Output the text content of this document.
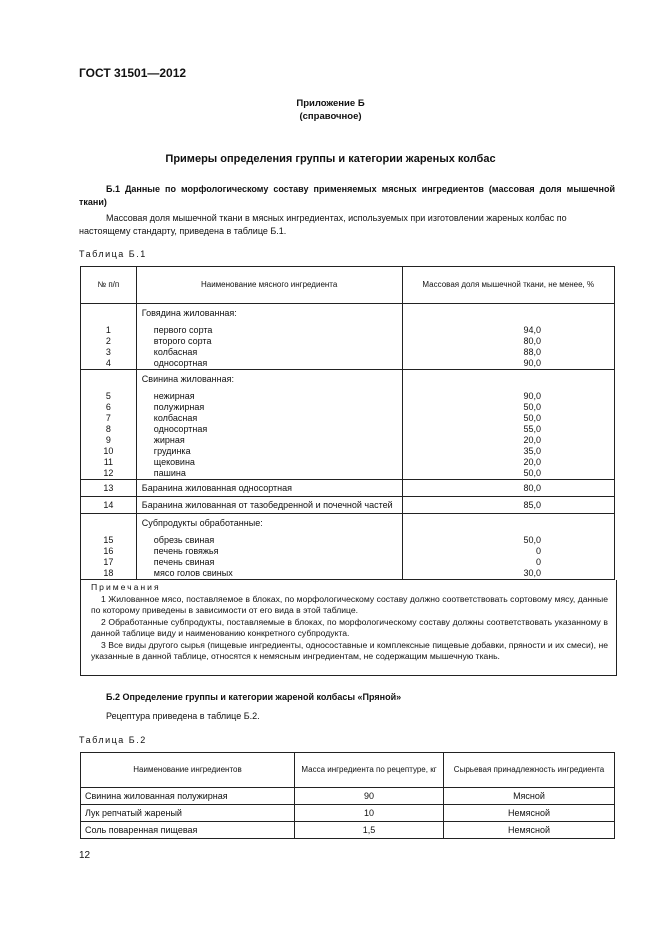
ГОСТ 31501—2012
Приложение Б
(справочное)
Примеры определения группы и категории жареных колбас
Б.1 Данные по морфологическому составу применяемых мясных ингредиентов (массовая доля мышечной ткани)
Массовая доля мышечной ткани в мясных ингредиентах, используемых при изготовлении жареных колбас по настоящему стандарту, приведена в таблице Б.1.
Таблица Б.1
№ п/п	Наименование мясного ингредиента	Массовая доля мышечной ткани, не менее, %
	Говядина жилованная:	

1	первого сорта	94,0
2	второго сорта	80,0
3	колбасная	88,0
4	односортная	90,0
	Свинина жилованная:	

5	нежирная	90,0
6	полужирная	50,0
7	колбасная	50,0
8	односортная	55,0
9	жирная	20,0
10	грудинка	35,0
11	щековина	20,0
12	пашина	50,0
13	Баранина жилованная односортная	80,0
14	Баранина жилованная от тазобедренной и почечной частей	85,0
	Субпродукты обработанные:	

15	обрезь свиная	50,0
16	печень говяжья	0
17	печень свиная	0
18	мясо голов свиных	30,0

Примечания

1 Жилованное мясо, поставляемое в блоках, по морфологическому составу должно соответствовать сортовому мясу, данные по которому приведены в зависимости от его вида в этой таблице.

2 Обработанные субпродукты, поставляемые в блоках, по морфологическому составу должны соответствовать указанному в данной таблице виду и наименованию конкретного субпродукта.

3 Все виды другого сырья (пищевые ингредиенты, односоставные и комплексные пищевые добавки, пряности и их смеси), не указанные в данной таблице, относятся к немясным ингредиентам, не содержащим мышечную ткань.

Б.2 Определение группы и категории жареной колбасы «Пряной»
Рецептура приведена в таблице Б.2.
Таблица Б.2
Наименование ингредиентов	Масса ингредиента по рецептуре, кг	Сырьевая принадлежность ингредиента
Свинина жилованная полужирная	90	Мясной
Лук репчатый жареный	10	Немясной
Соль поваренная пищевая	1,5	Немясной
12
